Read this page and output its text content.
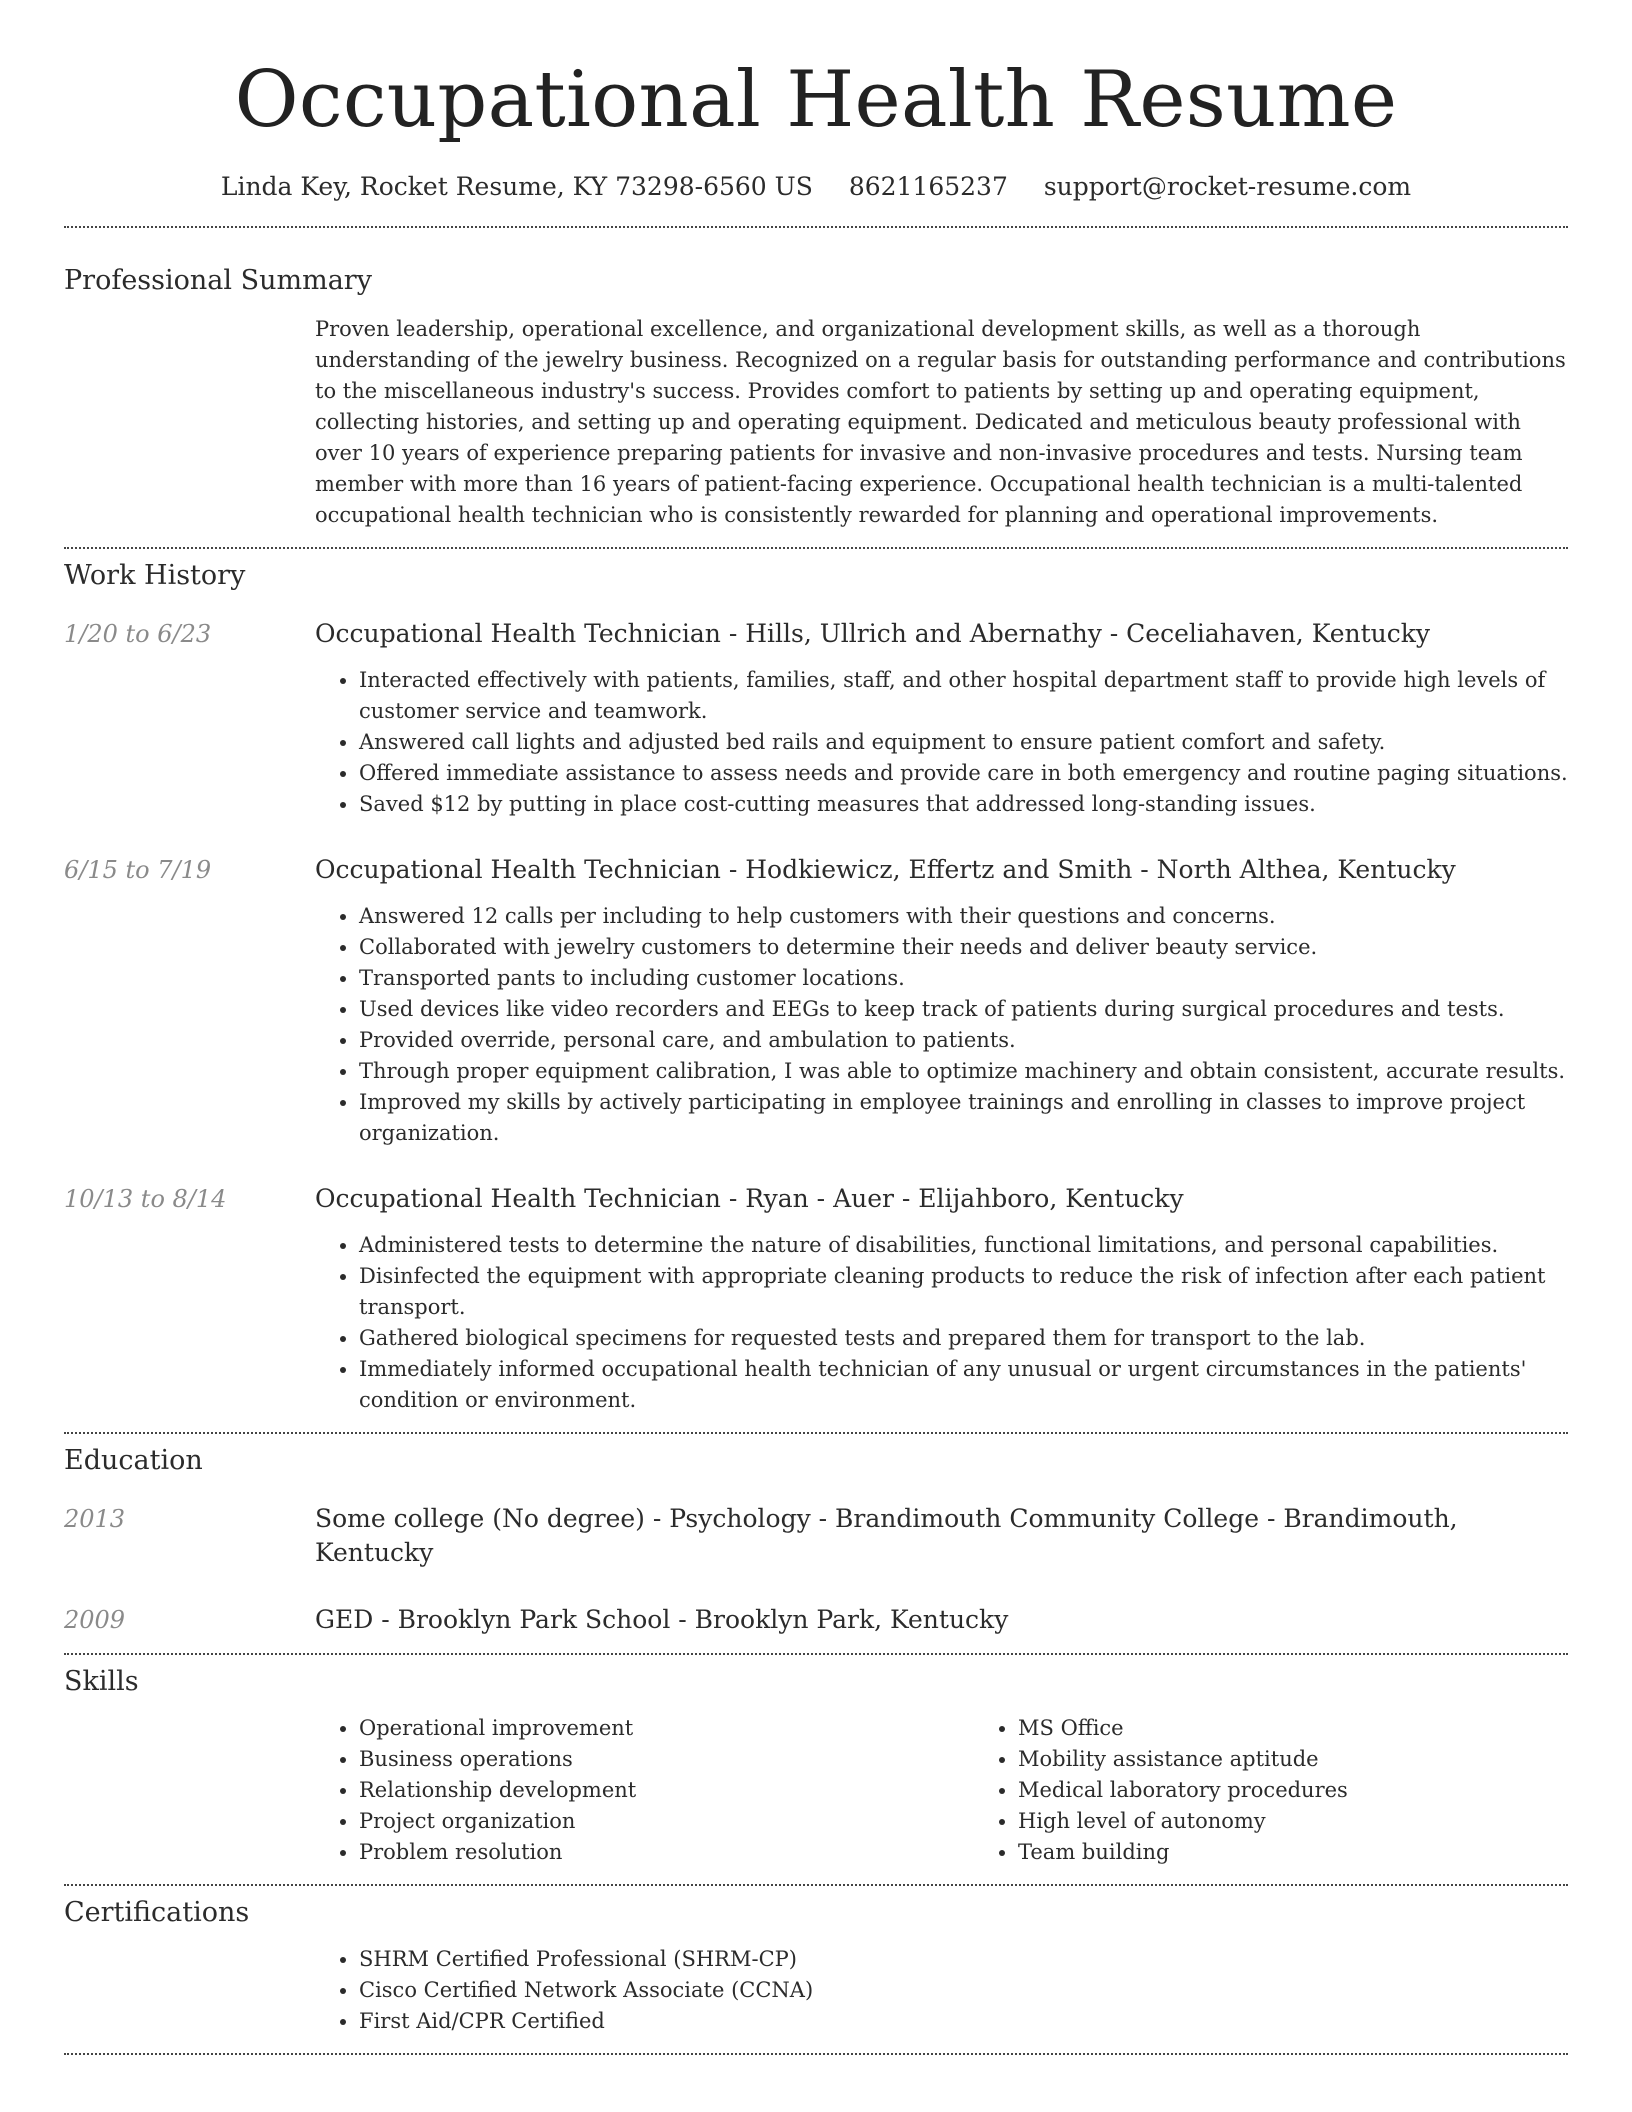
Occupational Health Resume
Linda Key, Rocket Resume, KY 73298-6560 US 8621165237 support@rocket-resume.com
Professional Summary

Proven leadership, operational excellence, and organizational development skills, as well as a thorough understanding of the jewelry business. Recognized on a regular basis for outstanding performance and contributions to the miscellaneous industry's success. Provides comfort to patients by setting up and operating equipment, collecting histories, and setting up and operating equipment. Dedicated and meticulous beauty professional with over 10 years of experience preparing patients for invasive and non-invasive procedures and tests. Nursing team member with more than 16 years of patient-facing experience. Occupational health technician is a multi-talented occupational health technician who is consistently rewarded for planning and operational improvements.

Work History
1/20 to 6/23	Occupational Health Technician - Hills, Ullrich and Abernathy - Ceceliahaven, Kentucky
• Interacted effectively with patients, families, staff, and other hospital department staff to provide high levels of customer service and teamwork.
• Answered call lights and adjusted bed rails and equipment to ensure patient comfort and safety.
• Offered immediate assistance to assess needs and provide care in both emergency and routine paging situations.
• Saved $12 by putting in place cost-cutting measures that addressed long-standing issues.
6/15 to 7/19	Occupational Health Technician - Hodkiewicz, Effertz and Smith - North Althea, Kentucky
• Answered 12 calls per including to help customers with their questions and concerns.
• Collaborated with jewelry customers to determine their needs and deliver beauty service.
• Transported pants to including customer locations.
• Used devices like video recorders and EEGs to keep track of patients during surgical procedures and tests.
• Provided override, personal care, and ambulation to patients.
• Through proper equipment calibration, I was able to optimize machinery and obtain consistent, accurate results.
• Improved my skills by actively participating in employee trainings and enrolling in classes to improve project organization.
10/13 to 8/14	Occupational Health Technician - Ryan - Auer - Elijahboro, Kentucky
• Administered tests to determine the nature of disabilities, functional limitations, and personal capabilities.
• Disinfected the equipment with appropriate cleaning products to reduce the risk of infection after each patient transport.
• Gathered biological specimens for requested tests and prepared them for transport to the lab.
• Immediately informed occupational health technician of any unusual or urgent circumstances in the patients' condition or environment.
Education
2013	Some college (No degree) - Psychology - Brandimouth Community College - Brandimouth, Kentucky
2009	GED - Brooklyn Park School - Brooklyn Park, Kentucky
Skills
• Operational improvement
• Business operations
• Relationship development
• Project organization
• Problem resolution
• MS Office
• Mobility assistance aptitude
• Medical laboratory procedures
• High level of autonomy
• Team building
Certifications
• SHRM Certified Professional (SHRM-CP)
• Cisco Certified Network Associate (CCNA)
• First Aid/CPR Certified
